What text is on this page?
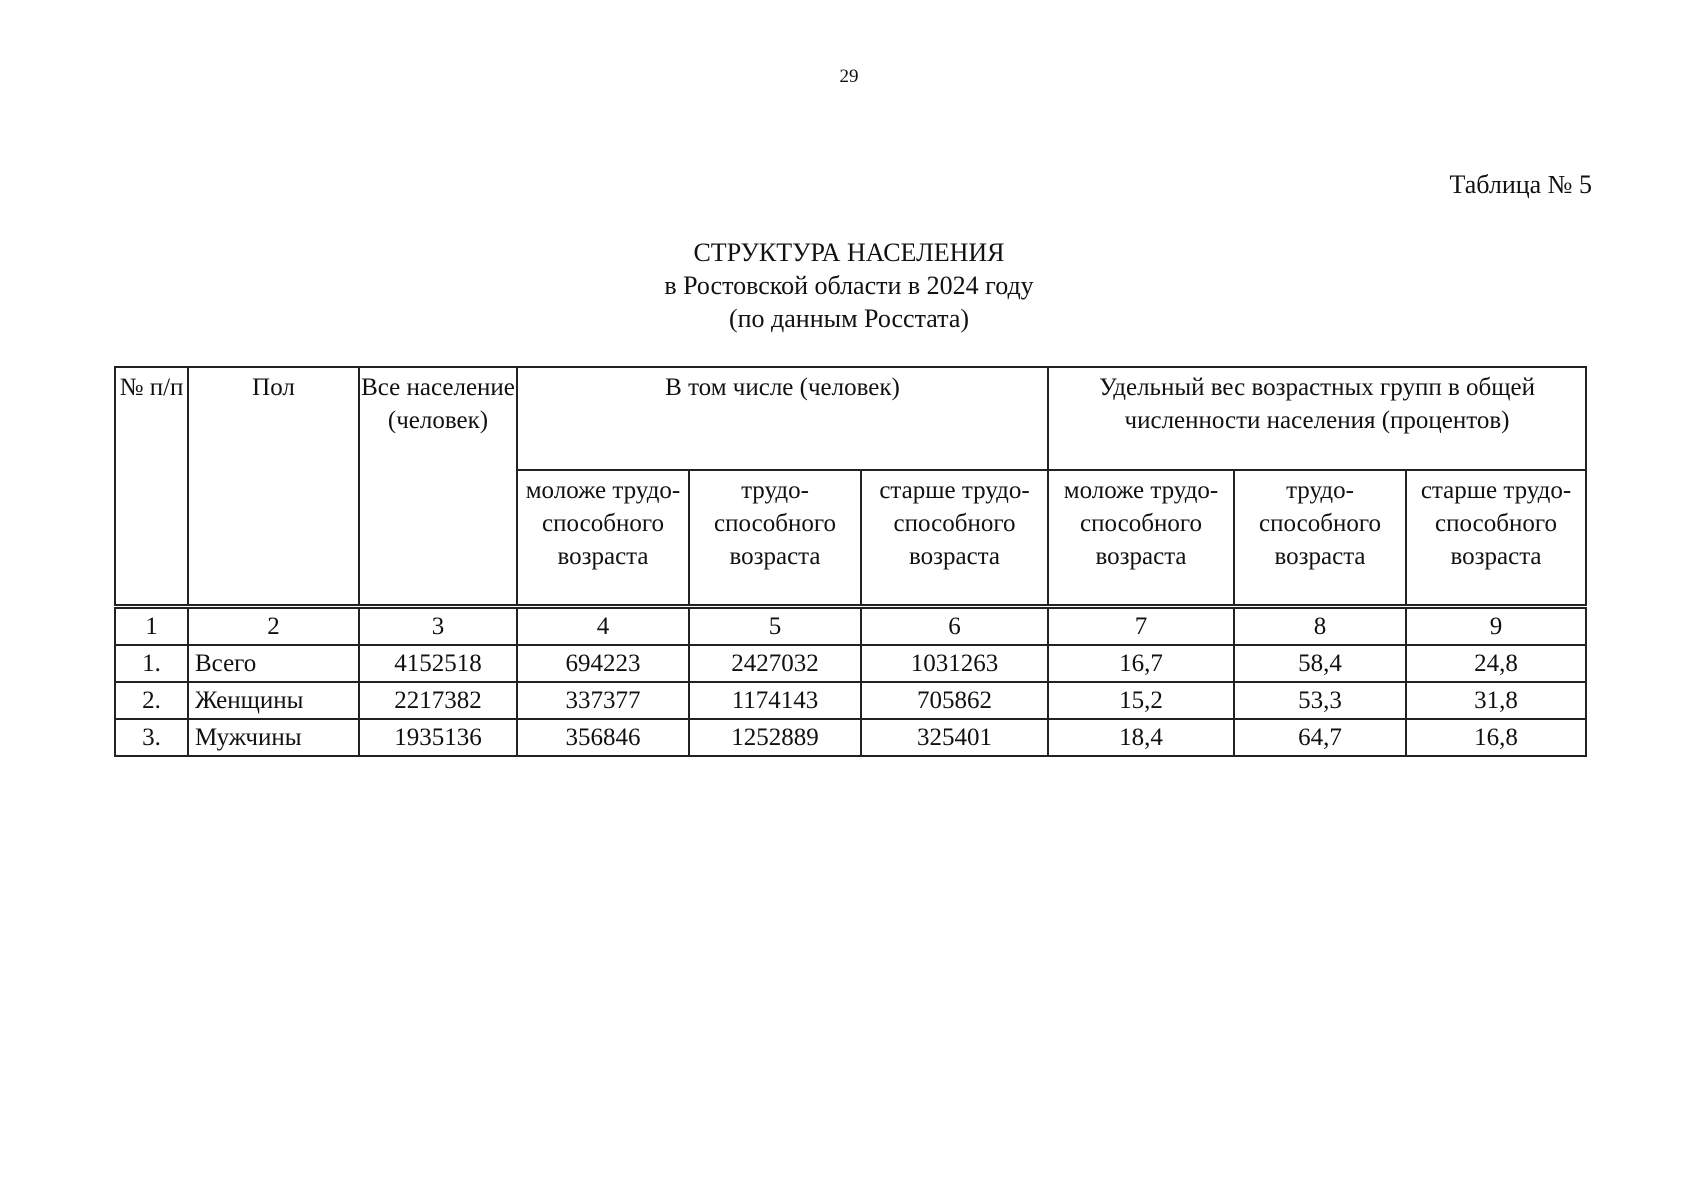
29
Таблица № 5
СТРУКТУРА НАСЕЛЕНИЯ
в Ростовской области в 2024 году
(по данным Росстата)
№ п/п	Пол	Все население (человек)	В том числе (человек)			Удельный вес возрастных групп в общей численности населения (процентов)		
			моложе трудо-способного возраста	трудо-способного возраста	старше трудо-способного возраста	моложе трудо-способного возраста	трудо-способного возраста	старше трудо-способного возраста
1	2	3	4	5	6	7	8	9
1.	Всего	4152518	694223	2427032	1031263	16,7	58,4	24,8
2.	Женщины	2217382	337377	1174143	705862	15,2	53,3	31,8
3.	Мужчины	1935136	356846	1252889	325401	18,4	64,7	16,8
